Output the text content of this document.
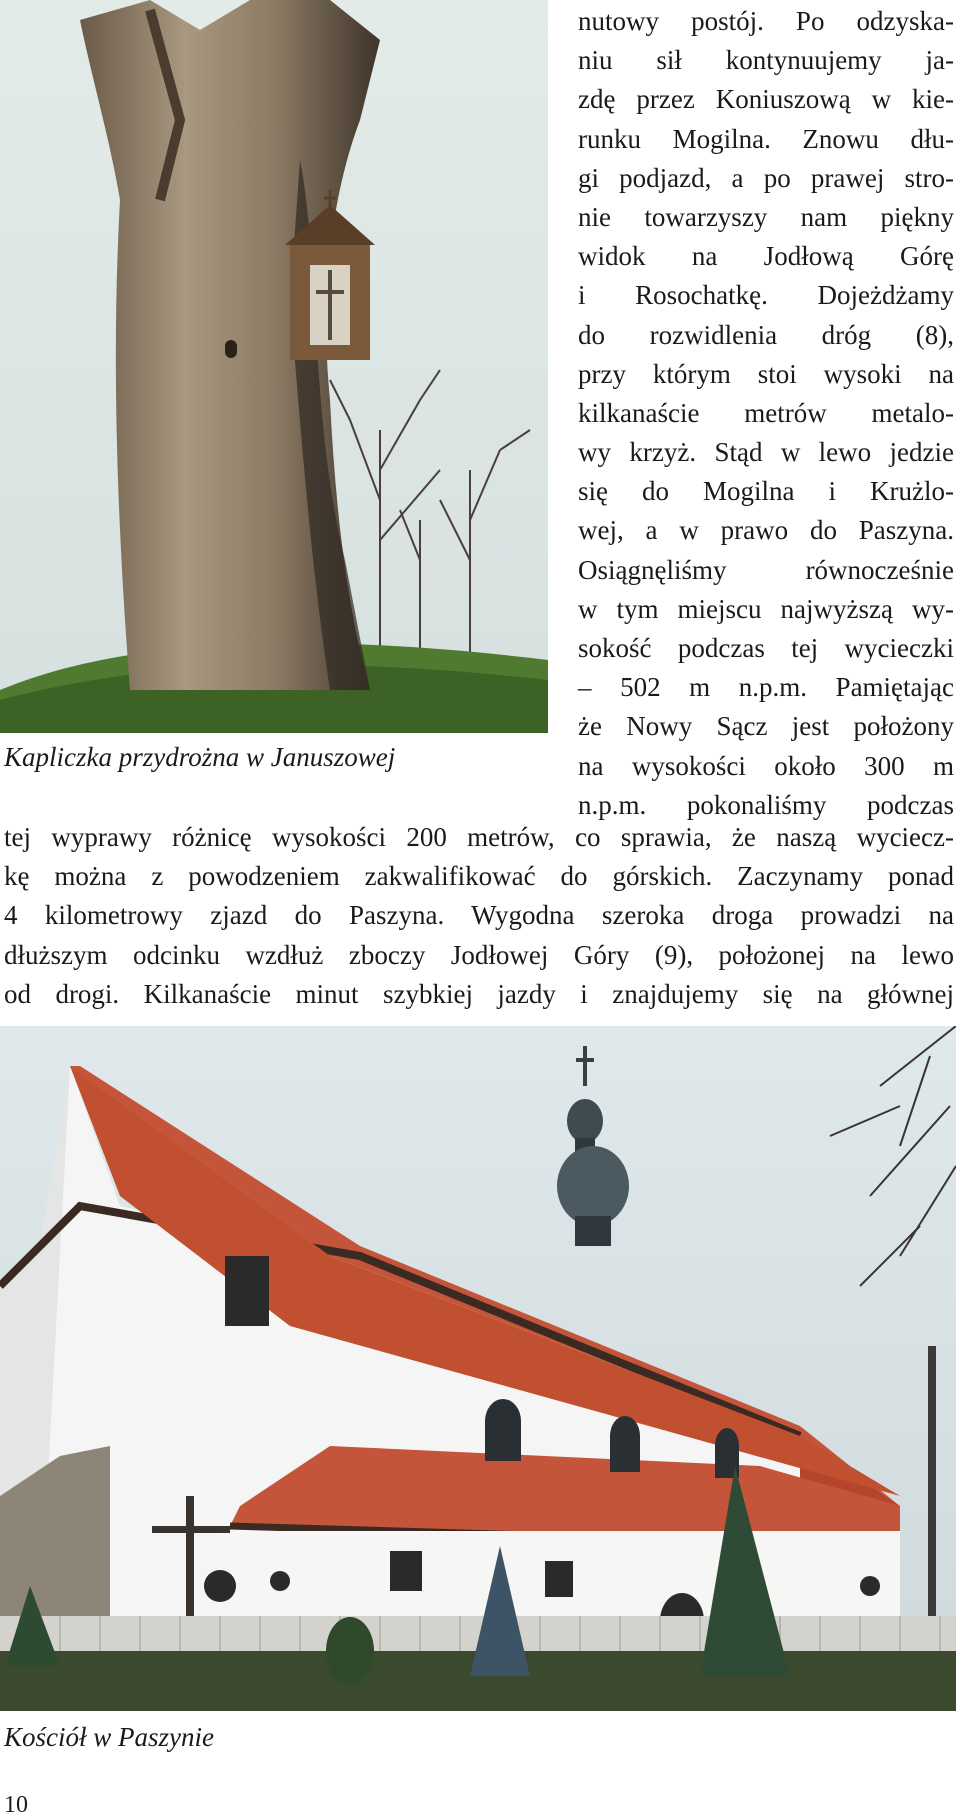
Kapliczka przydrożna w Januszowej
nutowy postój. Po odzyska-
niu sił kontynuujemy ja-
zdę przez Koniuszową w kie-
runku Mogilna. Znowu dłu-
gi podjazd, a po prawej stro-
nie towarzyszy nam piękny
widok na Jodłową Górę
i Rosochatkę. Dojeżdżamy
do rozwidlenia dróg (8),
przy którym stoi wysoki na
kilkanaście metrów metalo-
wy krzyż. Stąd w lewo jedzie
się do Mogilna i Krużlo-
wej, a w prawo do Paszyna.
Osiągnęliśmy równocześnie
w tym miejscu najwyższą wy-
sokość podczas tej wycieczki
– 502 m n.p.m. Pamiętając
że Nowy Sącz jest położony
na wysokości około 300 m
n.p.m. pokonaliśmy podczas
tej wyprawy różnicę wysokości 200 metrów, co sprawia, że naszą wyciecz-
kę można z powodzeniem zakwalifikować do górskich. Zaczynamy ponad
4 kilometrowy zjazd do Paszyna. Wygodna szeroka droga prowadzi na
dłuższym odcinku wzdłuż zboczy Jodłowej Góry (9), położonej na lewo
od drogi. Kilkanaście minut szybkiej jazdy i znajdujemy się na głównej
Kościół w Paszynie
10
